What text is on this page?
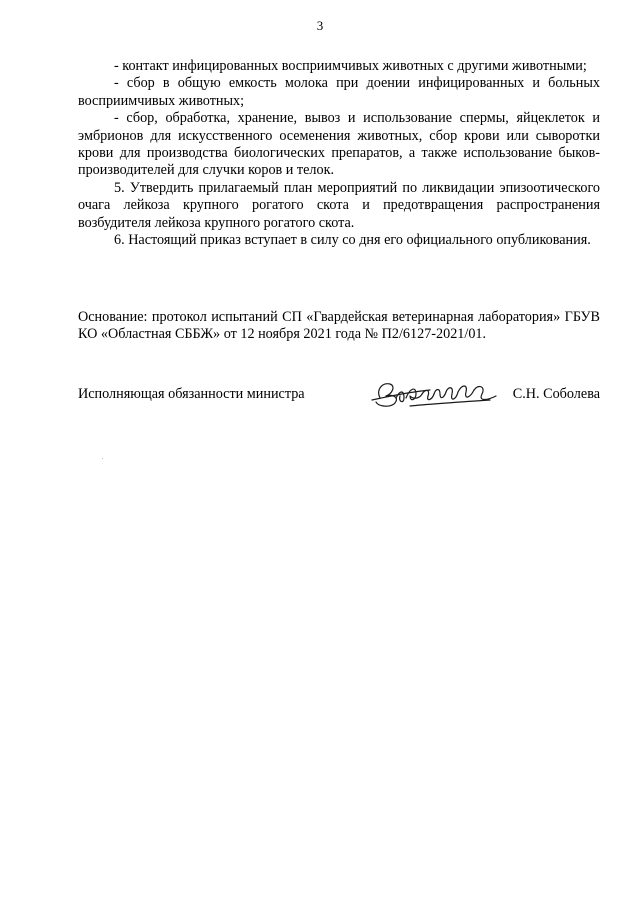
3

- контакт инфицированных восприимчивых животных с другими животными;

- сбор в общую емкость молока при доении инфицированных и больных восприимчивых животных;

- сбор, обработка, хранение, вывоз и использование спермы, яйцеклеток и эмбрионов для искусственного осеменения животных, сбор крови или сыворотки крови для производства биологических препаратов, а также использование быков-производителей для случки коров и телок.

5. Утвердить прилагаемый план мероприятий по ликвидации эпизоотического очага лейкоза крупного рогатого скота и предотвращения распространения возбудителя лейкоза крупного рогатого скота.

6. Настоящий приказ вступает в силу со дня его официального опубликования.

Основание: протокол испытаний СП «Гвардейская ветеринарная лаборатория» ГБУВ КО «Областная СББЖ» от 12 ноября 2021 года № П2/6127-2021/01.

Исполняющая обязанности министра	С.Н. Соболева
